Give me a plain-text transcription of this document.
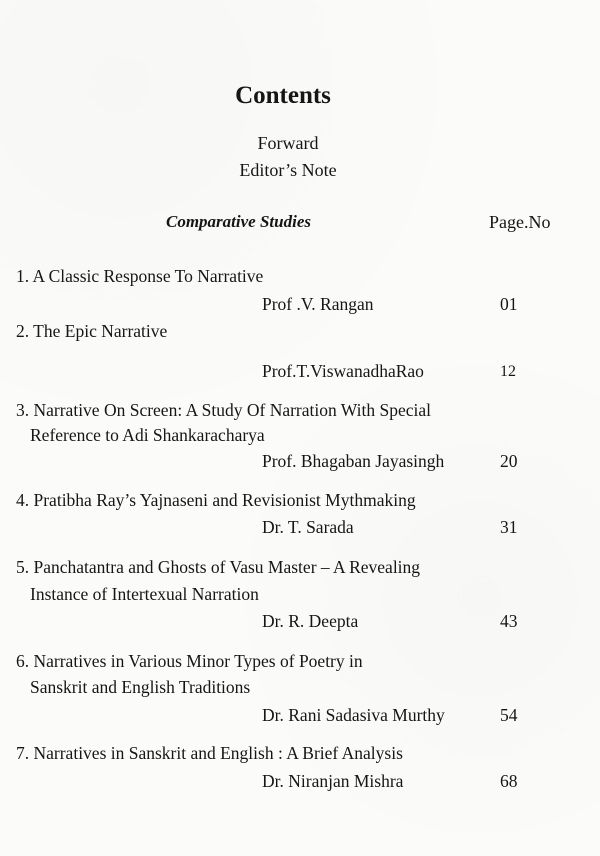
Contents
Forward
Editor’s Note
Comparative Studies	Page.No
1. A Classic Response To Narrative
Prof .V. Rangan	01
2. The Epic Narrative
Prof.T.ViswanadhaRao	12
3. Narrative On Screen: A Study Of Narration With Special
Reference to Adi Shankaracharya
Prof. Bhagaban Jayasingh	20
4. Pratibha Ray’s Yajnaseni and Revisionist Mythmaking
Dr. T. Sarada	31
5. Panchatantra and Ghosts of Vasu Master – A Revealing
Instance of Intertexual Narration
Dr. R. Deepta	43
6. Narratives in Various Minor Types of Poetry in
Sanskrit and English Traditions
Dr. Rani Sadasiva Murthy	54
7. Narratives in Sanskrit and English : A Brief Analysis
Dr. Niranjan Mishra	68
